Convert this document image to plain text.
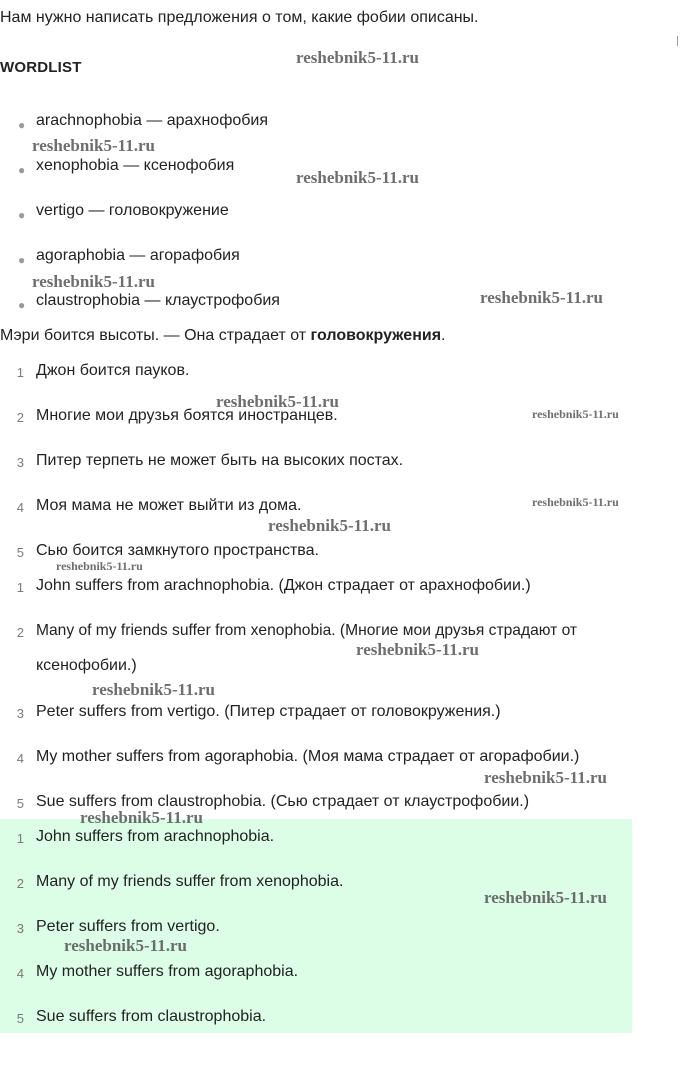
Нам нужно написать предложения о том, какие фобии описаны.
WORDLIST
● arachnophobia — арахнофобия
● xenophobia — ксенофобия
● vertigo — головокружение
● agoraphobia — агорафобия
● claustrophobia — клаустрофобия
Мэри боится высоты. — Она страдает от головокружения.
1 Джон боится пауков.
2 Многие мои друзья боятся иностранцев.
3 Питер терпеть не может быть на высоких постах.
4 Моя мама не может выйти из дома.
5 Сью боится замкнутого пространства.
1 John suffers from arachnophobia. (Джон страдает от арахнофобии.)
2 Many of my friends suffer from xenophobia. (Многие мои друзья страдают от
ксенофобии.)
3 Peter suffers from vertigo. (Питер страдает от головокружения.)
4 My mother suffers from agoraphobia. (Моя мама страдает от агорафобии.)
5 Sue suffers from claustrophobia. (Сью страдает от клаустрофобии.)
1 John suffers from arachnophobia.
2 Many of my friends suffer from xenophobia.
3 Peter suffers from vertigo.
4 My mother suffers from agoraphobia.
5 Sue suffers from claustrophobia.
reshebnik5-11.ru
reshebnik5-11.ru
reshebnik5-11.ru
reshebnik5-11.ru
reshebnik5-11.ru
reshebnik5-11.ru
reshebnik5-11.ru
reshebnik5-11.ru
reshebnik5-11.ru
reshebnik5-11.ru
reshebnik5-11.ru
reshebnik5-11.ru
reshebnik5-11.ru
reshebnik5-11.ru
reshebnik5-11.ru
reshebnik5-11.ru
